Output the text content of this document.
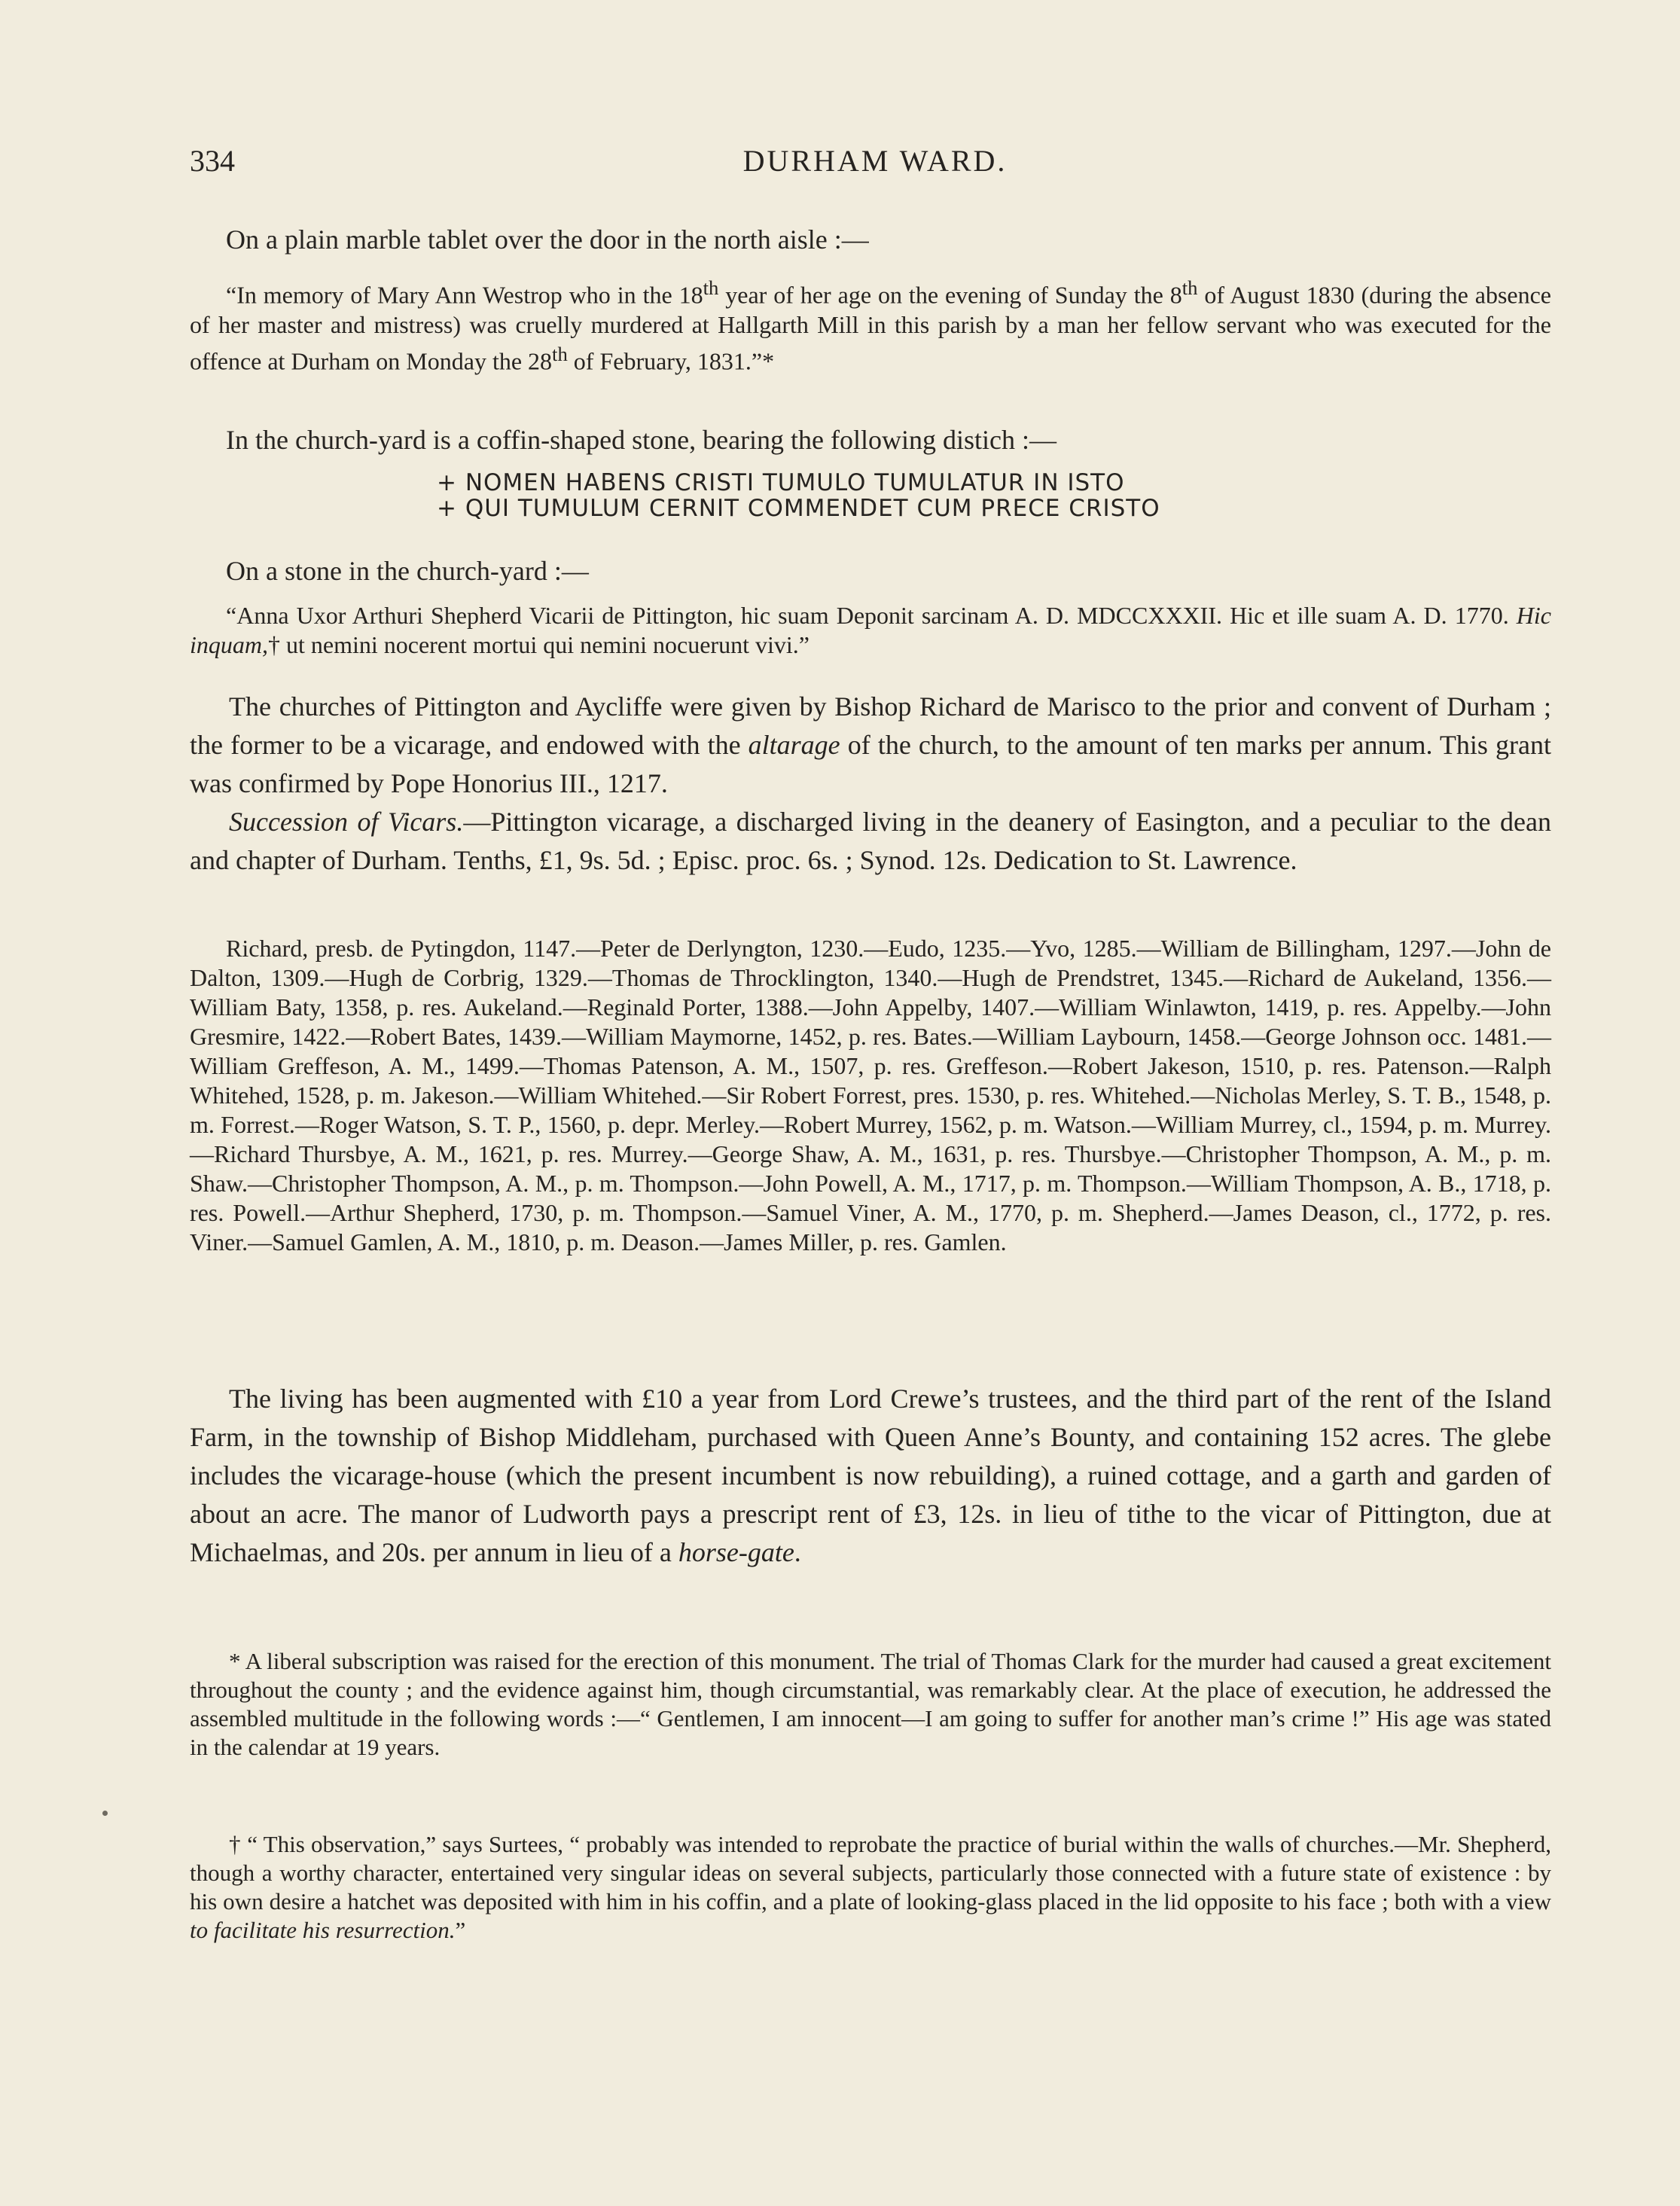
334	DURHAM WARD.

On a plain marble tablet over the door in the north aisle :—

“In memory of Mary Ann Westrop who in the 18th year of her age on the evening of Sunday the 8th of August 1830 (during the absence of her master and mistress) was cruelly murdered at Hallgarth Mill in this parish by a man her fellow servant who was executed for the offence at Durham on Monday the 28th of February, 1831.”*

In the church-yard is a coffin-shaped stone, bearing the following distich :—

+ NOMEN HABENS CRISTI TUMULO TUMULATUR IN ISTO
+ QUI TUMULUM CERNIT COMMENDET CUM PRECE CRISTO

On a stone in the church-yard :—

“Anna Uxor Arthuri Shepherd Vicarii de Pittington, hic suam Deponit sarcinam A. D. MDCCXXXII. Hic et ille suam A. D. 1770. Hic inquam,† ut nemini nocerent mortui qui nemini nocuerunt vivi.”

The churches of Pittington and Aycliffe were given by Bishop Richard de Marisco to the prior and convent of Durham ; the former to be a vicarage, and endowed with the altarage of the church, to the amount of ten marks per annum. This grant was confirmed by Pope Honorius III., 1217.

Succession of Vicars.—Pittington vicarage, a discharged living in the deanery of Easington, and a peculiar to the dean and chapter of Durham. Tenths, £1, 9s. 5d. ; Episc. proc. 6s. ; Synod. 12s. Dedication to St. Lawrence.

Richard, presb. de Pytingdon, 1147.—Peter de Derlyngton, 1230.—Eudo, 1235.—Yvo, 1285.—William de Billingham, 1297.—John de Dalton, 1309.—Hugh de Corbrig, 1329.—Thomas de Throcklington, 1340.—Hugh de Prendstret, 1345.—Richard de Aukeland, 1356.—William Baty, 1358, p. res. Aukeland.—Reginald Porter, 1388.—John Appelby, 1407.—William Winlawton, 1419, p. res. Appelby.—John Gresmire, 1422.—Robert Bates, 1439.—William Maymorne, 1452, p. res. Bates.—William Laybourn, 1458.—George Johnson occ. 1481.—William Greffeson, A. M., 1499.—Thomas Patenson, A. M., 1507, p. res. Greffeson.—Robert Jakeson, 1510, p. res. Patenson.—Ralph Whitehed, 1528, p. m. Jakeson.—William Whitehed.—Sir Robert Forrest, pres. 1530, p. res. Whitehed.—Nicholas Merley, S. T. B., 1548, p. m. Forrest.—Roger Watson, S. T. P., 1560, p. depr. Merley.—Robert Murrey, 1562, p. m. Watson.—William Murrey, cl., 1594, p. m. Murrey.—Richard Thursbye, A. M., 1621, p. res. Murrey.—George Shaw, A. M., 1631, p. res. Thursbye.—Christopher Thompson, A. M., p. m. Shaw.—Christopher Thompson, A. M., p. m. Thompson.—John Powell, A. M., 1717, p. m. Thompson.—William Thompson, A. B., 1718, p. res. Powell.—Arthur Shepherd, 1730, p. m. Thompson.—Samuel Viner, A. M., 1770, p. m. Shepherd.—James Deason, cl., 1772, p. res. Viner.—Samuel Gamlen, A. M., 1810, p. m. Deason.—James Miller, p. res. Gamlen.

The living has been augmented with £10 a year from Lord Crewe’s trustees, and the third part of the rent of the Island Farm, in the township of Bishop Middleham, purchased with Queen Anne’s Bounty, and containing 152 acres. The glebe includes the vicarage-house (which the present incumbent is now rebuilding), a ruined cottage, and a garth and garden of about an acre. The manor of Ludworth pays a prescript rent of £3, 12s. in lieu of tithe to the vicar of Pittington, due at Michaelmas, and 20s. per annum in lieu of a horse-gate.

* A liberal subscription was raised for the erection of this monument. The trial of Thomas Clark for the murder had caused a great excitement throughout the county ; and the evidence against him, though circumstantial, was remarkably clear. At the place of execution, he addressed the assembled multitude in the following words :—“ Gentlemen, I am innocent—I am going to suffer for another man’s crime !” His age was stated in the calendar at 19 years.

† “ This observation,” says Surtees, “ probably was intended to reprobate the practice of burial within the walls of churches.—Mr. Shepherd, though a worthy character, entertained very singular ideas on several subjects, particularly those connected with a future state of existence : by his own desire a hatchet was deposited with him in his coffin, and a plate of looking-glass placed in the lid opposite to his face ; both with a view to facilitate his resurrection.”
